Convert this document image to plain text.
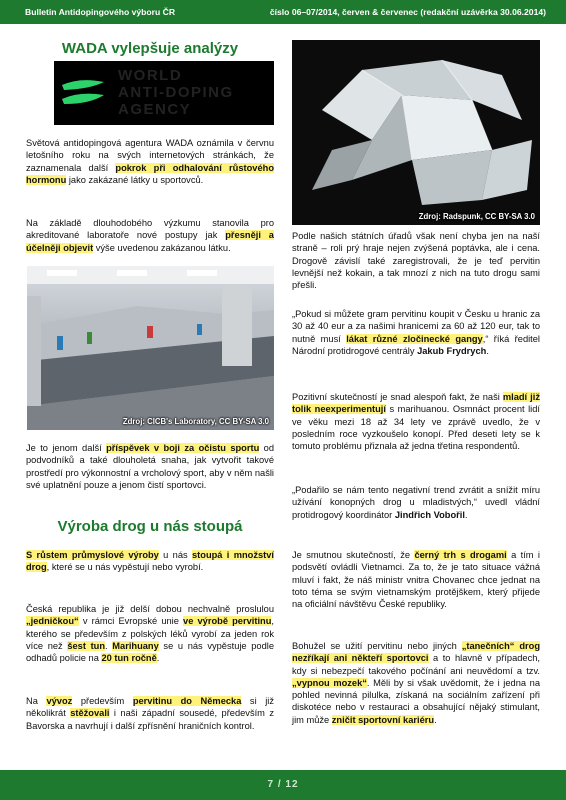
Bulletin Antidopingového výboru ČR	číslo 06–07/2014, červen & červenec (redakční uzávěrka 30.06.2014)
WADA vylepšuje analýzy
WORLD
ANTI-DOPING
AGENCY

Světová antidopingová agentura WADA oznámila v červnu letošního roku na svých internetových stránkách, že zaznamenala další pokrok při odhalování růstového hormonu jako zakázané látky u sportovců.

Na základě dlouhodobého výzkumu stanovila pro akreditované laboratoře nové postupy jak přesněji a účelněji objevit výše uvedenou zakázanou látku.

Zdroj: CICB's Laboratory, CC BY-SA 3.0

Je to jenom další příspěvek v boji za očistu sportu od podvodníků a také dlouholetá snaha, jak vytvořit takové prostředí pro výkonnostní a vrcholový sport, aby v něm našli své uplatnění pouze a jenom čistí sportovci.

Výroba drog u nás stoupá

S růstem průmyslové výroby u nás stoupá i množství drog, které se u nás vypěstují nebo vyrobí.

Česká republika je již delší dobou nechvalně proslulou „jedničkou“ v rámci Evropské unie ve výrobě pervitinu, kterého se především z polských léků vyrobí za jeden rok více než šest tun. Marihuany se u nás vypěstuje podle odhadů policie na 20 tun ročně.

Na vývoz především pervitinu do Německa si již několikrát stěžovali i naši západní sousedé, především z Bavorska a navrhují i další zpřísnění hraničních kontrol.

Zdroj: Radspunk, CC BY-SA 3.0

Podle našich státních úřadů však není chyba jen na naší straně – roli prý hraje nejen zvýšená poptávka, ale i cena. Drogově závislí také zaregistrovali, že je teď pervitin levnější než kokain, a tak mnozí z nich na tuto drogu sami přešli.

„Pokud si můžete gram pervitinu koupit v Česku u hranic za 30 až 40 eur a za našimi hranicemi za 60 až 120 eur, tak to nutně musí lákat různé zločinecké gangy,“ říká ředitel Národní protidrogové centrály Jakub Frydrych.

Pozitivní skutečností je snad alespoň fakt, že naši mladí již tolik neexperimentují s marihuanou. Osmnáct procent lidí ve věku mezi 18 až 34 lety ve zprávě uvedlo, že v posledním roce vyzkoušelo konopí. Před deseti lety se k tomuto problému přiznala až jedna třetina respondentů.

„Podařilo se nám tento negativní trend zvrátit a snížit míru užívání konopných drog u mladistvých,“ uvedl vládní protidrogový koordinátor Jindřich Vobořil.

Je smutnou skutečností, že černý trh s drogami a tím i podsvětí ovládli Vietnamci. Za to, že je tato situace vážná mluví i fakt, že náš ministr vnitra Chovanec chce jednat na toto téma se svým vietnamským protějškem, který přijede na oficiální návštěvu České republiky.

Bohužel se užití pervitinu nebo jiných „tanečních“ drog nezříkají ani někteří sportovci a to hlavně v případech, kdy si nebezpečí takového počínání ani neuvědomí a tzv. „vypnou mozek“. Měli by si však uvědomit, že i jedna na pohled nevinná pilulka, získaná na sociálním zařízení při diskotéce nebo v restauraci a obsahující nějaký stimulant, jim může zničit sportovní kariéru.

7 / 12
